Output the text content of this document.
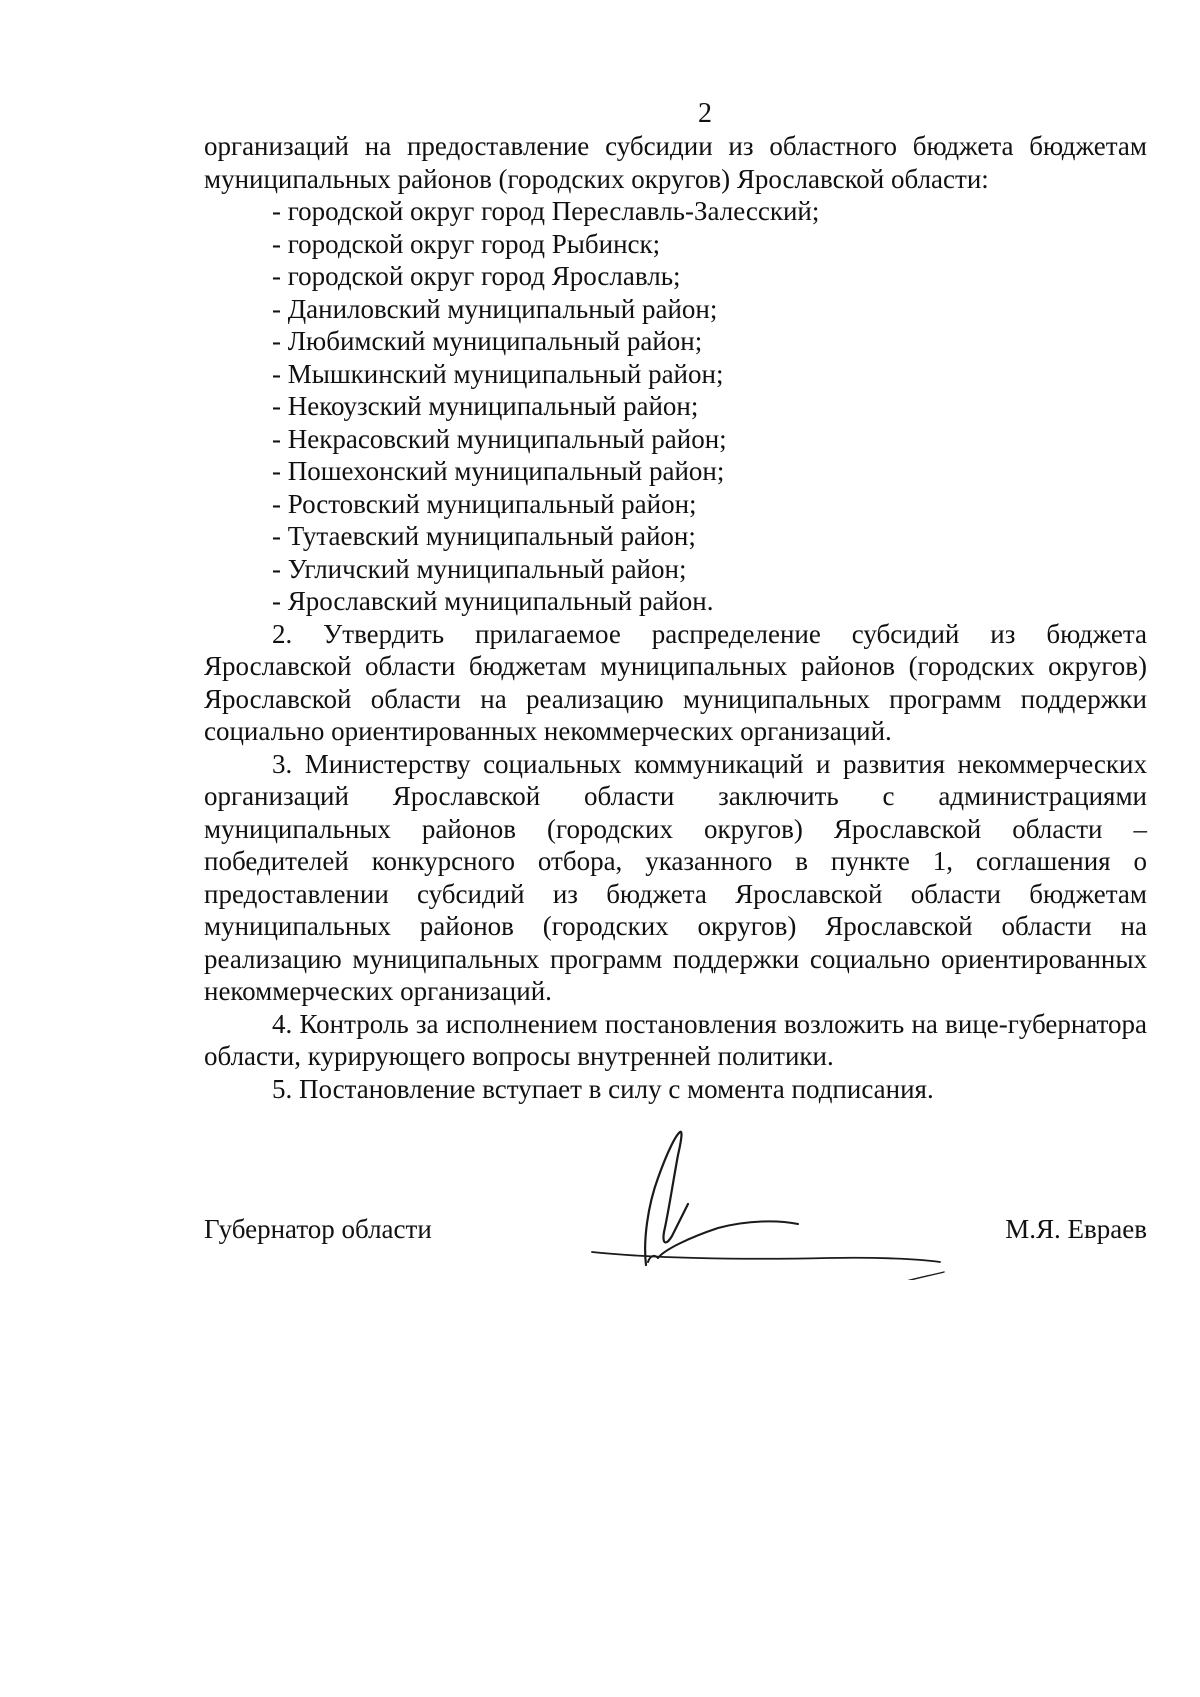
2

организаций на предоставление субсидии из областного бюджета бюджетам муниципальных районов (городских округов) Ярославской области:

- городской округ город Переславль-Залесский;
- городской округ город Рыбинск;
- городской округ город Ярославль;
- Даниловский муниципальный район;
- Любимский муниципальный район;
- Мышкинский муниципальный район;
- Некоузский муниципальный район;
- Некрасовский муниципальный район;
- Пошехонский муниципальный район;
- Ростовский муниципальный район;
- Тутаевский муниципальный район;
- Угличский муниципальный район;
- Ярославский муниципальный район.

2. Утвердить прилагаемое распределение субсидий из бюджета Ярославской области бюджетам муниципальных районов (городских округов) Ярославской области на реализацию муниципальных программ поддержки социально ориентированных некоммерческих организаций.

3. Министерству социальных коммуникаций и развития некоммерческих организаций Ярославской области заключить с администрациями муниципальных районов (городских округов) Ярославской области – победителей конкурсного отбора, указанного в пункте 1, соглашения о предоставлении субсидий из бюджета Ярославской области бюджетам муниципальных районов (городских округов) Ярославской области на реализацию муниципальных программ поддержки социально ориентированных некоммерческих организаций.

4. Контроль за исполнением постановления возложить на вице-губернатора области, курирующего вопросы внутренней политики.

5. Постановление вступает в силу с момента подписания.

Губернатор области	М.Я. Евраев
